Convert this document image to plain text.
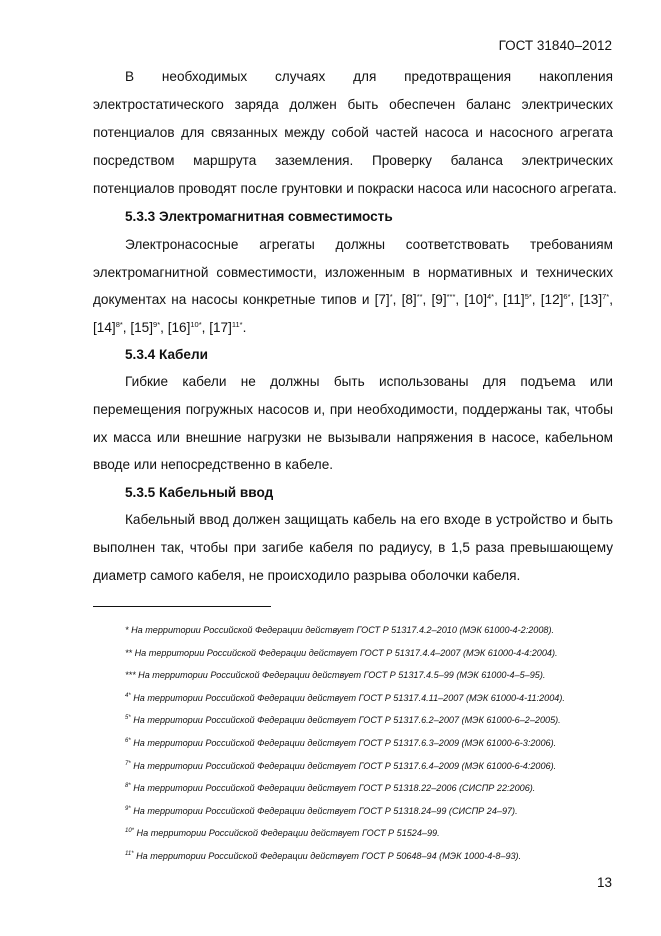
ГОСТ 31840–2012
В необходимых случаях для предотвращения накопления
электростатического заряда должен быть обеспечен баланс электрических
потенциалов для связанных между собой частей насоса и насосного агрегата
посредством маршрута заземления. Проверку баланса электрических
потенциалов проводят после грунтовки и покраски насоса или насосного агрегата.
5.3.3 Электромагнитная совместимость
Электронасосные агрегаты должны соответствовать требованиям
электромагнитной совместимости, изложенным в нормативных и технических
документах на насосы конкретные типов и [7]*, [8]**, [9]***, $[10]^{4*}$, $[11]^{5*}$, $[12]^{6*}$, $[13]^{7*}$,
$[14]^{8*}$, $[15]^{9*}$, $[16]^{10*}$, $[17]^{11*}$.
5.3.4 Кабели
Гибкие кабели не должны быть использованы для подъема или
перемещения погружных насосов и, при необходимости, поддержаны так, чтобы
их масса или внешние нагрузки не вызывали напряжения в насосе, кабельном
вводе или непосредственно в кабеле.
5.3.5 Кабельный ввод
Кабельный ввод должен защищать кабель на его входе в устройство и быть
выполнен так, чтобы при загибе кабеля по радиусу, в 1,5 раза превышающему
диаметр самого кабеля, не происходило разрыва оболочки кабеля.
* На территории Российской Федерации действует ГОСТ Р 51317.4.2–2010 (МЭК 61000-4-2:2008).
** На территории Российской Федерации действует ГОСТ Р 51317.4.4–2007 (МЭК 61000-4-4:2004).
*** На территории Российской Федерации действует ГОСТ Р 51317.4.5–99 (МЭК 61000-4–5–95).
$^{4*}$ На территории Российской Федерации действует ГОСТ Р 51317.4.11–2007 (МЭК 61000-4-11:2004).
$^{5*}$ На территории Российской Федерации действует ГОСТ Р 51317.6.2–2007 (МЭК 61000-6–2–2005).
$^{6*}$ На территории Российской Федерации действует ГОСТ Р 51317.6.3–2009 (МЭК 61000-6-3:2006).
$^{7*}$ На территории Российской Федерации действует ГОСТ Р 51317.6.4–2009 (МЭК 61000-6-4:2006).
$^{8*}$ На территории Российской Федерации действует ГОСТ Р 51318.22–2006 (СИСПР 22:2006).
$^{9*}$ На территории Российской Федерации действует ГОСТ Р 51318.24–99 (СИСПР 24–97).
$^{10*}$ На территории Российской Федерации действует ГОСТ Р 51524–99.
$^{11*}$ На территории Российской Федерации действует ГОСТ Р 50648–94 (МЭК 1000-4-8–93).
13
